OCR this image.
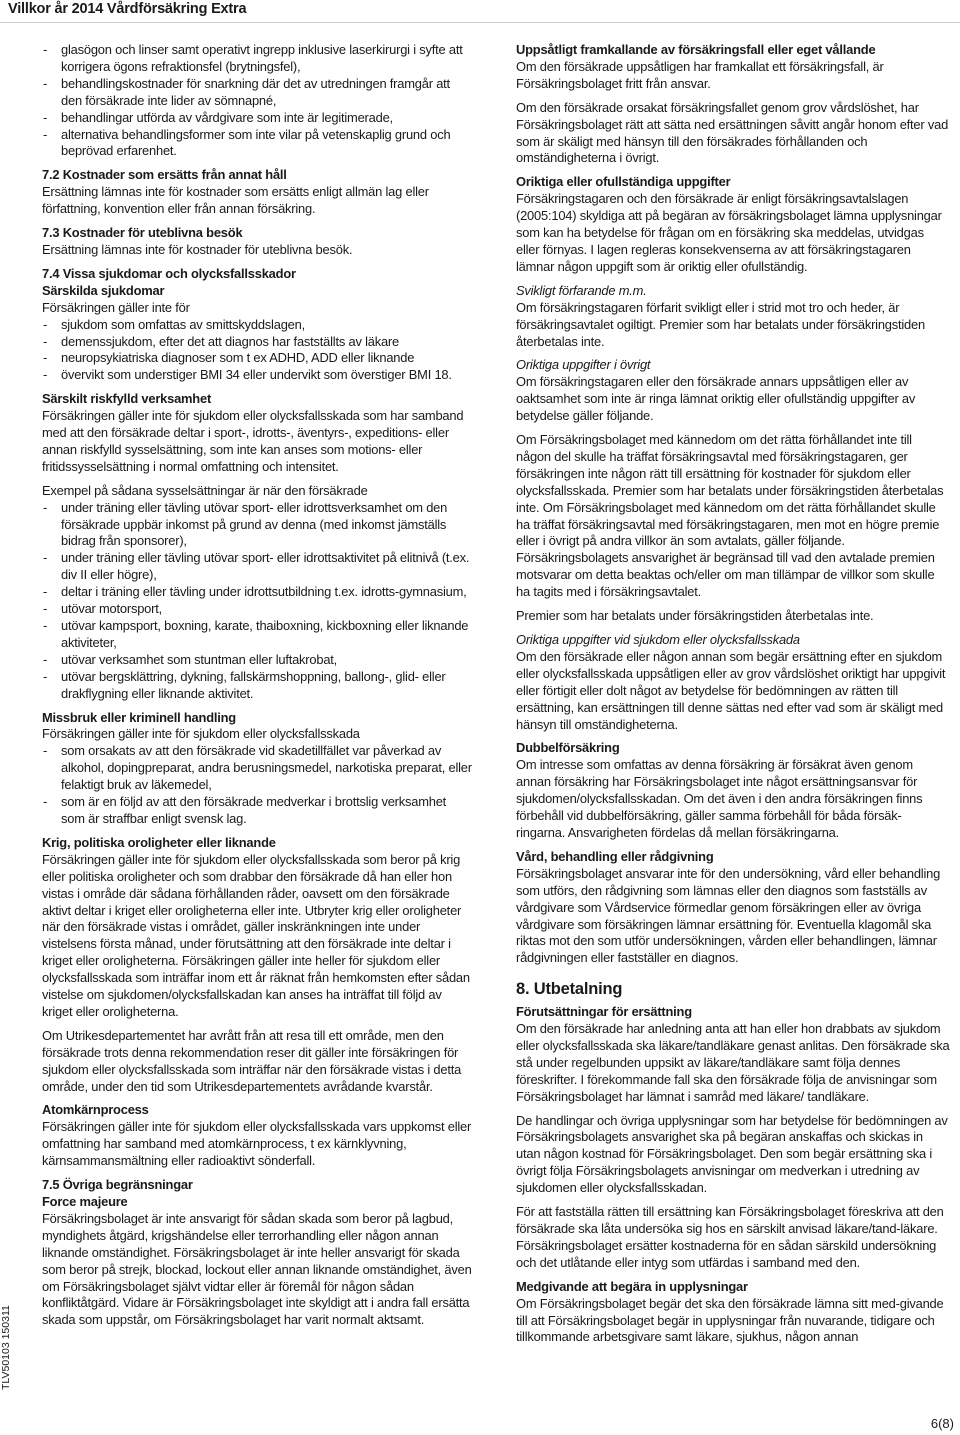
Villkor år 2014 Vårdförsäkring Extra
TLV50103 150311
- glasögon och linser samt operativt ingrepp inklusive laserkirurgi i syfte att korrigera ögons refraktionsfel (brytningsfel),
- behandlingskostnader för snarkning där det av utredningen framgår att den försäkrade inte lider av sömnapné,
- behandlingar utförda av vårdgivare som inte är legitimerade,
- alternativa behandlingsformer som inte vilar på vetenskaplig grund och beprövad erfarenhet.
7.2 Kostnader som ersätts från annat håll
Ersättning lämnas inte för kostnader som ersätts enligt allmän lag eller författning, konvention eller från annan försäkring.
7.3 Kostnader för uteblivna besök
Ersättning lämnas inte för kostnader för uteblivna besök.
7.4 Vissa sjukdomar och olycksfallsskador
Särskilda sjukdomar
Försäkringen gäller inte för
- sjukdom som omfattas av smittskyddslagen,
- demenssjukdom, efter det att diagnos har fastställts av läkare
- neuropsykiatriska diagnoser som t ex ADHD, ADD eller liknande
- övervikt som understiger BMI 34 eller undervikt som överstiger BMI 18.
Särskilt riskfylld verksamhet
Försäkringen gäller inte för sjukdom eller olycksfallsskada som har samband med att den försäkrade deltar i sport-, idrotts-, äventyrs-, expeditions- eller annan riskfylld sysselsättning, som inte kan anses som motions- eller fritidssysselsättning i normal omfattning och intensitet.
Exempel på sådana sysselsättningar är när den försäkrade
- under träning eller tävling utövar sport- eller idrottsverksamhet om den försäkrade uppbär inkomst på grund av denna (med inkomst jämställs bidrag från sponsorer),
- under träning eller tävling utövar sport- eller idrottsaktivitet på elitnivå (t.ex. div II eller högre),
- deltar i träning eller tävling under idrottsutbildning t.ex. idrotts-gymnasium,
- utövar motorsport,
- utövar kampsport, boxning, karate, thaiboxning, kickboxning eller liknande aktiviteter,
- utövar verksamhet som stuntman eller luftakrobat,
- utövar bergsklättring, dykning, fallskärmshoppning, ballong-, glid- eller drakflygning eller liknande aktivitet.
Missbruk eller kriminell handling
Försäkringen gäller inte för sjukdom eller olycksfallsskada
- som orsakats av att den försäkrade vid skadetillfället var påverkad av alkohol, dopingpreparat, andra berusningsmedel, narkotiska preparat, eller felaktigt bruk av läkemedel,
- som är en följd av att den försäkrade medverkar i brottslig verksamhet som är straffbar enligt svensk lag.
Krig, politiska oroligheter eller liknande
Försäkringen gäller inte för sjukdom eller olycksfallsskada som beror på krig eller politiska oroligheter och som drabbar den försäkrade då han eller hon vistas i område där sådana förhållanden råder, oavsett om den försäkrade aktivt deltar i kriget eller oroligheterna eller inte. Utbryter krig eller oroligheter när den försäkrade vistas i området, gäller inskränkningen inte under vistelsens första månad, under förutsättning att den försäkrade inte deltar i kriget eller oroligheterna. Försäkringen gäller inte heller för sjukdom eller olycksfallsskada som inträffar inom ett år räknat från hemkomsten efter sådan vistelse om sjukdomen/olycksfallskadan kan anses ha inträffat till följd av kriget eller oroligheterna.
Om Utrikesdepartementet har avrått från att resa till ett område, men den försäkrade trots denna rekommendation reser dit gäller inte försäkringen för sjukdom eller olycksfallsskada som inträffar när den försäkrade vistas i detta område, under den tid som Utrikesdepartementets avrådande kvarstår.
Atomkärnprocess
Försäkringen gäller inte för sjukdom eller olycksfallsskada vars uppkomst eller omfattning har samband med atomkärnprocess, t ex kärnklyvning, kärnsammansmältning eller radioaktivt sönderfall.
7.5 Övriga begränsningar
Force majeure
Försäkringsbolaget är inte ansvarigt för sådan skada som beror på lagbud, myndighets åtgärd, krigshändelse eller terrorhandling eller någon annan liknande omständighet. Försäkringsbolaget är inte heller ansvarigt för skada som beror på strejk, blockad, lockout eller annan liknande omständighet, även om Försäkringsbolaget självt vidtar eller är föremål för någon sådan konfliktåtgärd. Vidare är Försäkringsbolaget inte skyldigt att i andra fall ersätta skada som uppstår, om Försäkringsbolaget har varit normalt aktsamt.
Uppsåtligt framkallande av försäkringsfall eller eget vållande
Om den försäkrade uppsåtligen har framkallat ett försäkringsfall, är Försäkringsbolaget fritt från ansvar.
Om den försäkrade orsakat försäkringsfallet genom grov vårdslöshet, har Försäkringsbolaget rätt att sätta ned ersättningen såvitt angår honom efter vad som är skäligt med hänsyn till den försäkrades förhållanden och omständigheterna i övrigt.
Oriktiga eller ofullständiga uppgifter
Försäkringstagaren och den försäkrade är enligt försäkringsavtalslagen (2005:104) skyldiga att på begäran av försäkringsbolaget lämna upplysningar som kan ha betydelse för frågan om en försäkring ska meddelas, utvidgas eller förnyas. I lagen regleras konsekvenserna av att försäkringstagaren lämnar någon uppgift som är oriktig eller ofullständig.
Svikligt förfarande m.m.
Om försäkringstagaren förfarit svikligt eller i strid mot tro och heder, är försäkringsavtalet ogiltigt. Premier som har betalats under försäkringstiden återbetalas inte.
Oriktiga uppgifter i övrigt
Om försäkringstagaren eller den försäkrade annars uppsåtligen eller av oaktsamhet som inte är ringa lämnat oriktig eller ofullständig uppgifter av betydelse gäller följande.
Om Försäkringsbolaget med kännedom om det rätta förhållandet inte till någon del skulle ha träffat försäkringsavtal med försäkringstagaren, ger försäkringen inte någon rätt till ersättning för kostnader för sjukdom eller olycksfallsskada. Premier som har betalats under försäkringstiden återbetalas inte. Om Försäkringsbolaget med kännedom om det rätta förhållandet skulle ha träffat försäkringsavtal med försäkringstagaren, men mot en högre premie eller i övrigt på andra villkor än som avtalats, gäller följande. Försäkringsbolagets ansvarighet är begränsad till vad den avtalade premien motsvarar om detta beaktas och/eller om man tillämpar de villkor som skulle ha tagits med i försäkringsavtalet.
Premier som har betalats under försäkringstiden återbetalas inte.
Oriktiga uppgifter vid sjukdom eller olycksfallsskada
Om den försäkrade eller någon annan som begär ersättning efter en sjukdom eller olycksfallsskada uppsåtligen eller av grov vårdslöshet oriktigt har uppgivit eller förtigit eller dolt något av betydelse för bedömningen av rätten till ersättning, kan ersättningen till denne sättas ned efter vad som är skäligt med hänsyn till omständigheterna.
Dubbelförsäkring
Om intresse som omfattas av denna försäkring är försäkrat även genom annan försäkring har Försäkringsbolaget inte något ersättningsansvar för sjukdomen/olycksfallsskadan. Om det även i den andra försäkringen finns förbehåll vid dubbelförsäkring, gäller samma förbehåll för båda försäk-ringarna. Ansvarigheten fördelas då mellan försäkringarna.
Vård, behandling eller rådgivning
Försäkringsbolaget ansvarar inte för den undersökning, vård eller behandling som utförs, den rådgivning som lämnas eller den diagnos som fastställs av vårdgivare som Vårdservice förmedlar genom försäkringen eller av övriga vårdgivare som försäkringen lämnar ersättning för. Eventuella klagomål ska riktas mot den som utför undersökningen, vården eller behandlingen, lämnar rådgivningen eller fastställer en diagnos.
8. Utbetalning
Förutsättningar för ersättning
Om den försäkrade har anledning anta att han eller hon drabbats av sjukdom eller olycksfallsskada ska läkare/tandläkare genast anlitas. Den försäkrade ska stå under regelbunden uppsikt av läkare/tandläkare samt följa dennes föreskrifter. I förekommande fall ska den försäkrade följa de anvisningar som Försäkringsbolaget har lämnat i samråd med läkare/ tandläkare.
De handlingar och övriga upplysningar som har betydelse för bedömningen av Försäkringsbolagets ansvarighet ska på begäran anskaffas och skickas in utan någon kostnad för Försäkringsbolaget. Den som begär ersättning ska i övrigt följa Försäkringsbolagets anvisningar om medverkan i utredning av sjukdomen eller olycksfallsskadan.
För att fastställa rätten till ersättning kan Försäkringsbolaget föreskriva att den försäkrade ska låta undersöka sig hos en särskilt anvisad läkare/tand-läkare. Försäkringsbolaget ersätter kostnaderna för en sådan särskild undersökning och det utlåtande eller intyg som utfärdas i samband med den.
Medgivande att begära in upplysningar
Om Försäkringsbolaget begär det ska den försäkrade lämna sitt med-givande till att Försäkringsbolaget begär in upplysningar från nuvarande, tidigare och tillkommande arbetsgivare samt läkare, sjukhus, någon annan
6(8)
